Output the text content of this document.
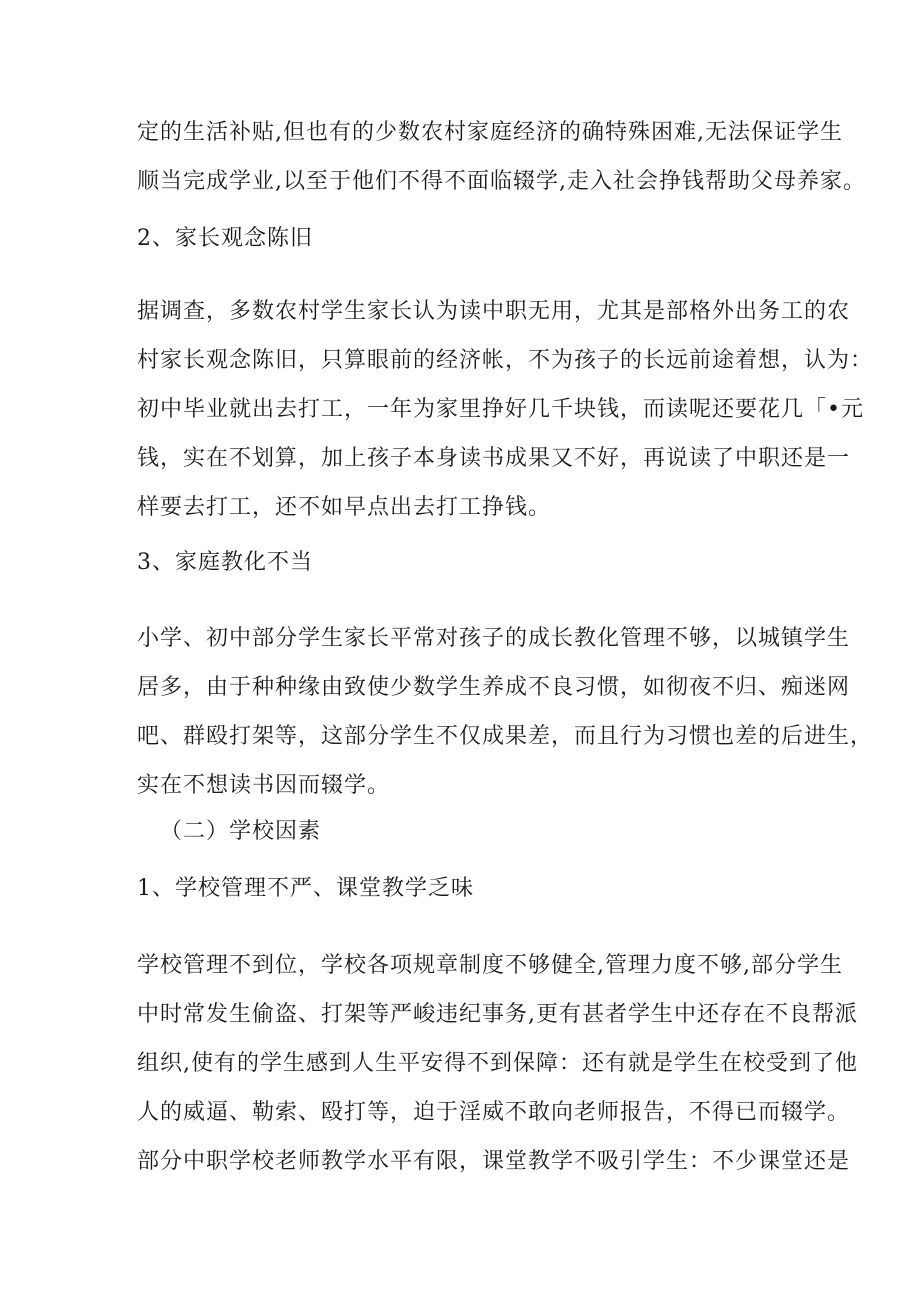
定的生活补贴,但也有的少数农村家庭经济的确特殊困难,无法保证学生
顺当完成学业,以至于他们不得不面临辍学,走入社会挣钱帮助父母养家。
2、家长观念陈旧
据调查，多数农村学生家长认为读中职无用，尤其是部格外出务工的农
村家长观念陈旧，只算眼前的经济帐，不为孩子的长远前途着想，认为：
初中毕业就出去打工，一年为家里挣好几千块钱，而读呢还要花几「•元
钱，实在不划算，加上孩子本身读书成果又不好，再说读了中职还是一
样要去打工，还不如早点出去打工挣钱。
3、家庭教化不当
小学、初中部分学生家长平常对孩子的成长教化管理不够，以城镇学生
居多，由于种种缘由致使少数学生养成不良习惯，如彻夜不归、痴迷网
吧、群殴打架等，这部分学生不仅成果差，而且行为习惯也差的后进生，
实在不想读书因而辍学。
（二）学校因素
1、学校管理不严、课堂教学乏味
学校管理不到位，学校各项规章制度不够健全,管理力度不够,部分学生
中时常发生偷盗、打架等严峻违纪事务,更有甚者学生中还存在不良帮派
组织,使有的学生感到人生平安得不到保障：还有就是学生在校受到了他
人的威逼、勒索、殴打等，迫于淫威不敢向老师报告，不得已而辍学。
部分中职学校老师教学水平有限，课堂教学不吸引学生：不少课堂还是
